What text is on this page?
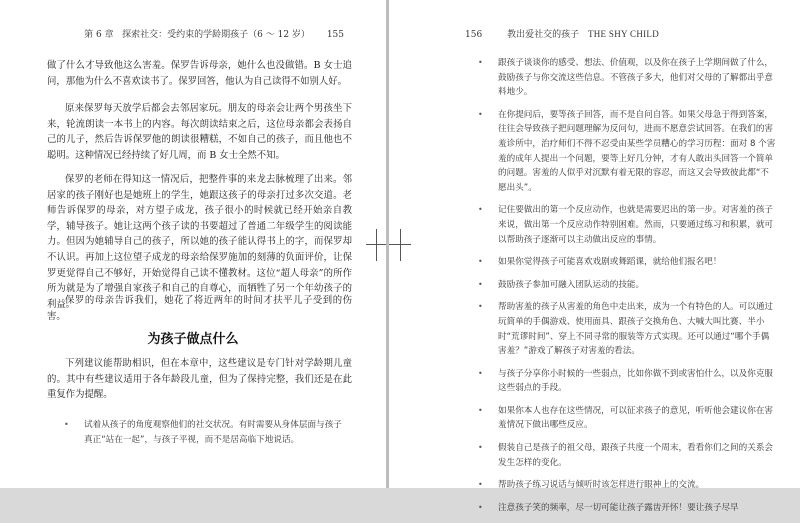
第 6 章 探索社交：受约束的学龄期孩子（6 ～ 12 岁） 155

做了什么才导致他这么害羞。保罗告诉母亲，她什么也没做错。B 女士追问，那他为什么不喜欢读书了。保罗回答，他认为自己读得不如别人好。

原来保罗每天放学后都会去邻居家玩。朋友的母亲会让两个男孩坐下来，轮流朗读一本书上的内容。每次朗读结束之后，这位母亲都会表扬自己的儿子，然后告诉保罗他的朗读很糟糕，不如自己的孩子，而且他也不聪明。这种情况已经持续了好几周，而 B 女士全然不知。

保罗的老师在得知这一情况后，把整件事的来龙去脉梳理了出来。邻居家的孩子刚好也是她班上的学生，她跟这孩子的母亲打过多次交道。老师告诉保罗的母亲，对方望子成龙，孩子很小的时候就已经开始亲自教学，辅导孩子。她让这两个孩子读的书要超过了普通二年级学生的阅读能力。但因为她辅导自己的孩子，所以她的孩子能认得书上的字，而保罗却不认识。再加上这位望子成龙的母亲给保罗施加的刻薄的负面评价，让保罗更觉得自己不够好，开始觉得自己读不懂教材。这位“超人母亲”的所作所为就是为了增强自家孩子和自己的自尊心，而牺牲了另一个年幼孩子的利益。

保罗的母亲告诉我们，她花了将近两年的时间才扶平儿子受到的伤害。

为孩子做点什么

下列建议能帮助相识，但在本章中，这些建议是专门针对学龄期儿童的。其中有些建议适用于各年龄段儿童，但为了保持完整，我们还是在此重复作为提醒。

• 试着从孩子的角度观察他们的社交状况。有时需要从身体层面与孩子真正“站在一起”，与孩子平视，而不是居高临下地说话。
156	教出爱社交的孩子 THE SHY CHILD
• 跟孩子谈谈你的感受、想法、价值观，以及你在孩子上学期间做了什么，鼓励孩子与你交流这些信息。不管孩子多大，他们对父母的了解都出乎意料地少。
• 在你提问后，要等孩子回答，而不是自问自答。如果父母急于得到答案，往往会导致孩子把问题理解为反问句，进而不愿意尝试回答。在我们的害羞诊所中，治疗师们不得不忍受由某些学员糟心的学习历程：面对 8 个害羞的成年人提出一个问题，要等上好几分钟，才有人敢出头回答一个简单的问题。害羞的人似乎对沉默有着无限的容忍，而这又会导致彼此都“不愿出头”。
• 记住要做出的第一个反应动作，也就是需要迟出的第一步。对害羞的孩子来说，做出第一个反应动作特别困难。然而，只要通过练习和积累，就可以帮助孩子逐渐可以主动做出反应的事情。
• 如果你觉得孩子可能喜欢戏剧或舞蹈课，就给他们报名吧！
• 鼓励孩子参加可融入团队运动的技能。
• 帮助害羞的孩子从害羞的角色中走出来，成为一个有特色的人。可以通过玩简单的手偶游戏、使用面具、跟孩子交换角色、大喊大叫比赛、半小时“荒谬时间”、穿上不同寻常的服装等方式实现。还可以通过“哪个手偶害羞？”游戏了解孩子对害羞的看法。
• 与孩子分享你小时候的一些弱点，比如你做不到或害怕什么，以及你克服这些弱点的手段。
• 如果你本人也存在这些情况，可以征求孩子的意见，听听他会建议你在害羞情况下做出哪些反应。
• 假装自己是孩子的祖父母，跟孩子共度一个周末，看看你们之间的关系会发生怎样的变化。
• 帮助孩子练习说话与倾听时该怎样进行眼神上的交流。
• 注意孩子笑的频率，尽一切可能让孩子露齿开怀！要让孩子尽早
